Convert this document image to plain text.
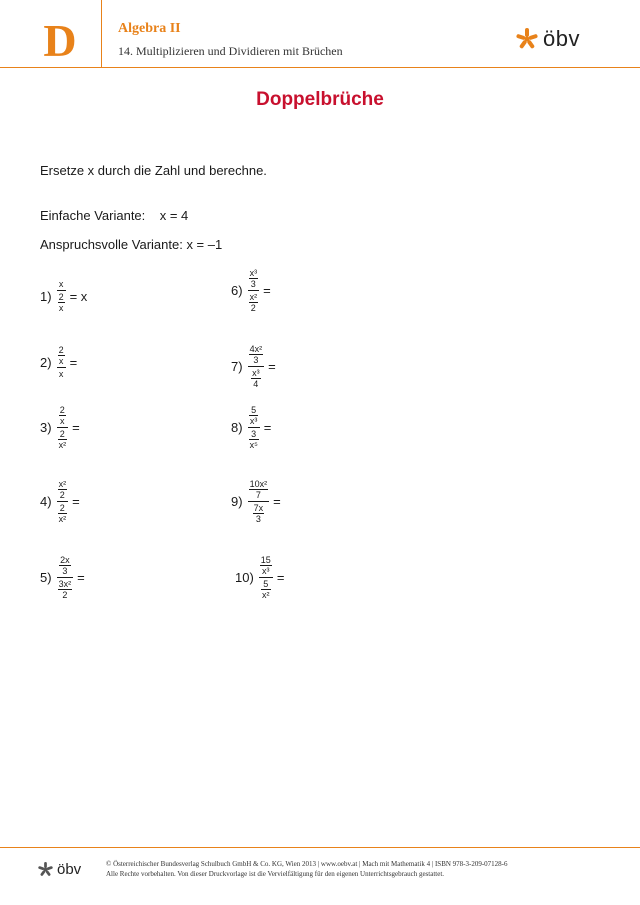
D	Algebra II
14. Multiplizieren und Dividieren mit Brüchen	öbv
Doppelbrüche
Ersetze x durch die Zahl und berechne.
Einfache Variante:    x = 4
Anspruchsvolle Variante: x = –1
$1) \frac{x}{\frac{2}{x}} = x$
$2) \frac{\frac{2}{x}}{x}$ =
$3) \frac{\frac{2}{x}}{\frac{2}{\text{x²}}}$ =
$4) \frac{\frac{\text{x²}}{2}}{\frac{2}{\text{x²}}}$ =
$5) \frac{\frac{2x}{3}}{\frac{\text{3x²}}{2}}$ =
$6) \frac{\frac{\text{x³}}{3}}{\frac{\text{x²}}{2}}$ =
$7) \frac{\frac{\text{4x²}}{3}}{\frac{\text{x³}}{4}}$ =
$8) \frac{\frac{5}{\text{x³}}}{\frac{3}{\text{x⁵}}}$ =
$9) \frac{\frac{\text{10x²}}{7}}{\frac{7x}{3}}$ =
$10) \frac{\frac{15}{\text{x³}}}{\frac{5}{\text{x²}}}$ =
öbv	© Österreichischer Bundesverlag Schulbuch GmbH & Co. KG, Wien 2013 | www.oebv.at | Mach mit Mathematik 4 | ISBN 978-3-209-07128-6
Alle Rechte vorbehalten. Von dieser Druckvorlage ist die Vervielfältigung für den eigenen Unterrichtsgebrauch gestattet.
